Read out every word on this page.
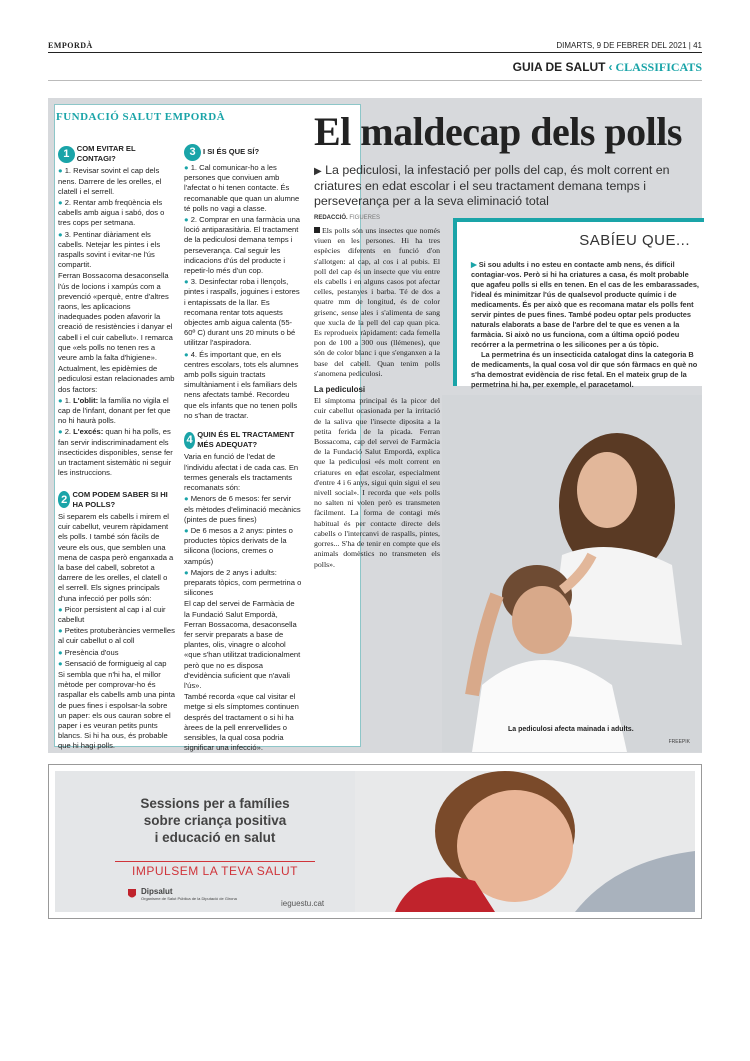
EMPORDÀ	DIMARTS, 9 DE FEBRER DEL 2021 | 41
GUIA DE SALUT ‹ CLASSIFICATS
FUNDACIÓ SALUT EMPORDÀ
1 COM EVITAR EL CONTAGI?

● 1. Revisar sovint el cap dels nens. Darrere de les orelles, el clatell i el serrell.

● 2. Rentar amb freqüència els cabells amb aigua i sabó, dos o tres cops per setmana.

● 3. Pentinar diàriament els cabells. Netejar les pintes i els raspalls sovint i evitar-ne l'ús compartit.

Ferran Bossacoma desaconsella l'ús de locions i xampús com a prevenció «perquè, entre d'altres raons, les aplicacions inadequades poden afavorir la creació de resistències i danyar el cabell i el cuir cabellut». I remarca que «els polls no tenen res a veure amb la falta d'higiene».

Actualment, les epidèmies de pediculosi estan relacionades amb dos factors:

● 1. L'oblit: la família no vigila el cap de l'infant, donant per fet que no hi haurà polls.

● 2. L'excés: quan hi ha polls, es fan servir indiscriminadament els insecticides disponibles, sense fer un tractament sistemàtic ni seguir les instruccions.

2 COM PODEM SABER SI HI HA POLLS?

Si separem els cabells i mirem el cuir cabellut, veurem ràpidament els polls. I també són fàcils de veure els ous, que semblen una mena de caspa però enganxada a la base del cabell, sobretot a darrere de les orelles, el clatell o el serrell. Els signes principals d'una infecció per polls són:

● Picor persistent al cap i al cuir cabellut

● Petites protuberàncies vermelles al cuir cabellut o al coll

● Presència d'ous

● Sensació de formigueig al cap

Si sembla que n'hi ha, el millor mètode per comprovar-ho és raspallar els cabells amb una pinta de pues fines i espolsar-la sobre un paper: els ous cauran sobre el paper i es veuran petits punts blancs. Si hi ha ous, és probable que hi hagi polls.

3 I SI ÉS QUE SÍ?

● 1. Cal comunicar-ho a les persones que conviuen amb l'afectat o hi tenen contacte. És recomanable que quan un alumne té polls no vagi a classe.

● 2. Comprar en una farmàcia una loció antiparasitària. El tractament de la pediculosi demana temps i perseverança. Cal seguir les indicacions d'ús del producte i repetir-lo més d'un cop.

● 3. Desinfectar roba i llençols, pintes i raspalls, joguines i estores i entapissats de la llar. Es recomana rentar tots aquests objectes amb aigua calenta (55-60º C) durant uns 20 minuts o bé utilitzar l'aspiradora.

● 4. És important que, en els centres escolars, tots els alumnes amb polls siguin tractats simultàniament i els familiars dels nens afectats també. Recordeu que els infants que no tenen polls no s'han de tractar.

4 QUIN ÉS EL TRACTAMENT MÉS ADEQUAT?

Varia en funció de l'edat de l'individu afectat i de cada cas. En termes generals els tractaments recomanats són:

● Menors de 6 mesos: fer servir els mètodes d'eliminació mecànics (pintes de pues fines)

● De 6 mesos a 2 anys: pintes o productes tòpics derivats de la silicona (locions, cremes o xampús)

● Majors de 2 anys i adults: preparats tòpics, com permetrina o silicones

El cap del servei de Farmàcia de la Fundació Salut Empordà, Ferran Bossacoma, desaconsella fer servir preparats a base de plantes, olis, vinagre o alcohol «que s'han utilitzat tradicionalment però que no es disposa d'evidència suficient que n'avali l'ús».

També recorda «que cal visitar el metge si els símptomes continuen després del tractament o si hi ha àrees de la pell enrervellides o sensibles, la qual cosa podria significar una infecció».

El maldecap dels polls
▶ La pediculosi, la infestació per polls del cap, és molt corrent en criatures en edat escolar i el seu tractament demana temps i perseverança per a la seva eliminació total
REDACCIÓ. FIGUERES

Els polls són uns insectes que només viuen en les persones. Hi ha tres espècies diferents en funció d'on s'allotgen: al cap, al cos i al pubis. El poll del cap és un insecte que viu entre els cabells i en alguns casos pot afectar celles, pestanyes i barba. Té de dos a quatre mm de longitud, és de color grisenc, sense ales i s'alimenta de sang que xucla de la pell del cap quan pica. Es reprodueix ràpidament: cada femella pon de 100 a 300 ous (llémenes), que són de color blanc i que s'enganxen a la base del cabell. Quan tenim polls s'anomena pediculosi.

La pediculosi

El símptoma principal és la picor del cuir cabellut ocasionada per la irritació de la saliva que l'insecte diposita a la petita ferida de la picada. Ferran Bossacoma, cap del servei de Farmàcia de la Fundació Salut Empordà, explica que la pediculosi «és molt corrent en criatures en edat escolar, especialment d'entre 4 i 6 anys, sigui quin sigui el seu nivell social». I recorda que «els polls no salten ni volen però es transmeten fàcilment. La forma de contagi més habitual és per contacte directe dels cabells o l'intercanvi de raspalls, pintes, gorres... S'ha de tenir en compte que els animals domèstics no transmeten els polls».

SABÍEU QUE...

▶ Si sou adults i no esteu en contacte amb nens, és difícil contagiar-vos. Però si hi ha criatures a casa, és molt probable que agafeu polls si ells en tenen. En el cas de les embarassades, l'ideal és minimitzar l'ús de qualsevol producte químic i de medicaments. És per això que es recomana matar els polls fent servir pintes de pues fines. També podeu optar pels productes naturals elaborats a base de l'arbre del te que es venen a la farmàcia. Si això no us funciona, com a última opció podeu recórrer a la permetrina o les silicones per a ús tòpic.

La permetrina és un insecticida catalogat dins la categoria B de medicaments, la qual cosa vol dir que són fàrmacs en què no s'ha demostrat evidència de risc fetal. En el mateix grup de la permetrina hi ha, per exemple, el paracetamol.

La pediculosi afecta mainada i adults.
FREEPIK
Sessions per a famílies
sobre criança positiva
i educació en salut
IMPULSEM LA TEVA SALUT
Dipsalut
Organisme de Salut Pública de la Diputació de Girona
ieguestu.cat
